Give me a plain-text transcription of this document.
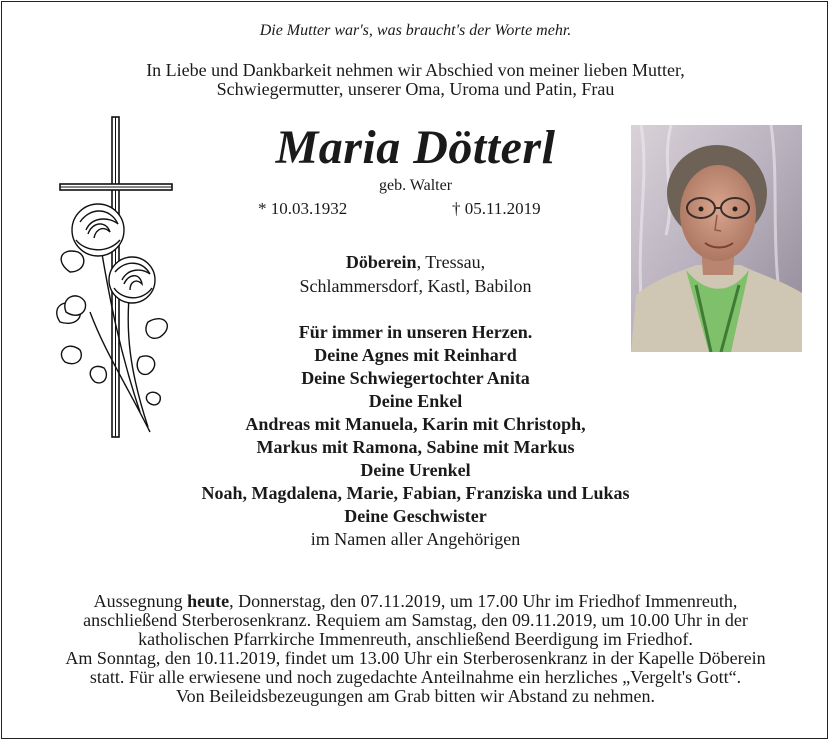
Die Mutter war's, was braucht's der Worte mehr.
In Liebe und Dankbarkeit nehmen wir Abschied von meiner lieben Mutter,
Schwiegermutter, unserer Oma, Uroma und Patin, Frau
Maria Dötterl
geb. Walter
* 10.03.1932	† 05.11.2019
Döberein, Tressau,
Schlammersdorf, Kastl, Babilon
Für immer in unseren Herzen.
Deine Agnes mit Reinhard
Deine Schwiegertochter Anita
Deine Enkel
Andreas mit Manuela, Karin mit Christoph,
Markus mit Ramona, Sabine mit Markus
Deine Urenkel
Noah, Magdalena, Marie, Fabian, Franziska und Lukas
Deine Geschwister
im Namen aller Angehörigen
Aussegnung heute, Donnerstag, den 07.11.2019, um 17.00 Uhr im Friedhof Immenreuth,
anschließend Sterberosenkranz. Requiem am Samstag, den 09.11.2019, um 10.00 Uhr in der
katholischen Pfarrkirche Immenreuth, anschließend Beerdigung im Friedhof.
Am Sonntag, den 10.11.2019, findet um 13.00 Uhr ein Sterberosenkranz in der Kapelle Döberein
statt. Für alle erwiesene und noch zugedachte Anteilnahme ein herzliches „Vergelt's Gott“.
Von Beileidsbezeugungen am Grab bitten wir Abstand zu nehmen.
